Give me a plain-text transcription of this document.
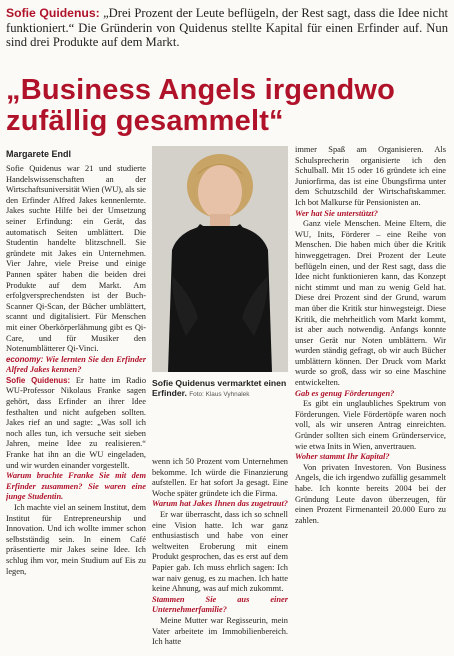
Sofie Quidenus: „Drei Prozent der Leute beflügeln, der Rest sagt, dass die Idee nicht funktioniert.“ Die Gründerin von Quidenus stellte Kapital für einen Erfinder auf. Nun sind drei Produkte auf dem Markt.
„Business Angels irgendwo zufällig gesammelt“
Margarete Endl

Sofie Quidenus war 21 und studierte Handelswissenschaften an der Wirtschaftsuniversität Wien (WU), als sie den Erfinder Alfred Jakes kennenlernte. Jakes suchte Hilfe bei der Umsetzung seiner Erfindung: ein Gerät, das automatisch Seiten umblättert. Die Studentin handelte blitzschnell. Sie gründete mit Jakes ein Unternehmen. Vier Jahre, viele Preise und einige Pannen später haben die beiden drei Produkte auf dem Markt. Am erfolgversprechendsten ist der Buch-Scanner Qi-Scan, der Bücher umblättert, scannt und digitalisiert. Für Menschen mit einer Oberkörperlähmung gibt es Qi-Care, und für Musiker den Notenumblätterer Qi-Vinci.

economy: Wie lernten Sie den Erfinder Alfred Jakes kennen?

Sofie Quidenus: Er hatte im Radio WU-Professor Nikolaus Franke sagen gehört, dass Erfinder an ihrer Idee festhalten und nicht aufgeben sollten. Jakes rief an und sagte: „Was soll ich noch alles tun, ich versuche seit sieben Jahren, meine Idee zu realisieren.“ Franke hat ihn an die WU eingeladen, und wir wurden einander vorgestellt.

Warum brachte Franke Sie mit dem Erfinder zusammen? Sie waren eine junge Studentin.

Ich machte viel an seinem Institut, dem Institut für Entrepreneurship und Innovation. Und ich wollte immer schon selbstständig sein. In einem Café präsentierte mir Jakes seine Idee. Ich schlug ihm vor, mein Studium auf Eis zu legen,

Sofie Quidenus vermarktet einen Erfinder. Foto: Klaus Vyhnalek

wenn ich 50 Prozent vom Unternehmen bekomme. Ich würde die Finanzierung aufstellen. Er hat sofort Ja gesagt. Eine Woche später gründete ich die Firma.

Warum hat Jakes Ihnen das zugetraut?

Er war überrascht, dass ich so schnell eine Vision hatte. Ich war ganz enthusiastisch und habe von einer weltweiten Eroberung mit einem Produkt gesprochen, das es erst auf dem Papier gab. Ich muss ehrlich sagen: Ich war naiv genug, es zu machen. Ich hatte keine Ahnung, was auf mich zukommt.

Stammen Sie aus einer Unternehmerfamilie?

Meine Mutter war Regisseurin, mein Vater arbeitete im Immobilienbereich. Ich hatte

immer Spaß am Organisieren. Als Schulsprecherin organisierte ich den Schulball. Mit 15 oder 16 gründete ich eine Juniorfirma, das ist eine Übungsfirma unter dem Schutzschild der Wirtschaftskammer. Ich bot Malkurse für Pensionisten an.

Wer hat Sie unterstützt?

Ganz viele Menschen. Meine Eltern, die WU, Inits, Förderer – eine Reihe von Menschen. Die haben mich über die Kritik hinweggetragen. Drei Prozent der Leute beflügeln einen, und der Rest sagt, dass die Idee nicht funktionieren kann, das Konzept nicht stimmt und man zu wenig Geld hat. Diese drei Prozent sind der Grund, warum man über die Kritik stur hinwegsteigt. Diese Kritik, die mehrheitlich vom Markt kommt, ist aber auch notwendig. Anfangs konnte unser Gerät nur Noten umblättern. Wir wurden ständig gefragt, ob wir auch Bücher umblättern können. Der Druck vom Markt wurde so groß, dass wir so eine Maschine entwickelten.

Gab es genug Förderungen?

Es gibt ein unglaubliches Spektrum von Förderungen. Viele Fördertöpfe waren noch voll, als wir unseren Antrag einreichten. Gründer sollten sich einem Gründerservice, wie etwa Inits in Wien, anvertrauen.

Woher stammt Ihr Kapital?

Von privaten Investoren. Von Business Angels, die ich irgendwo zufällig gesammelt habe. Ich konnte bereits 2004 bei der Gründung Leute davon überzeugen, für einen Prozent Firmenanteil 20.000 Euro zu zahlen.
